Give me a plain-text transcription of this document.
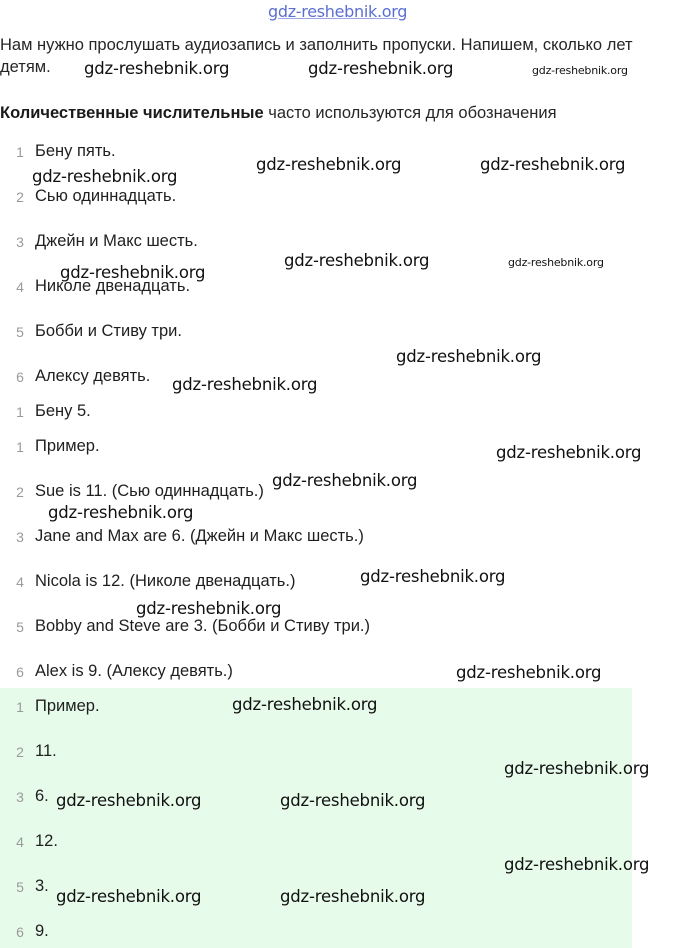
gdz-reshebnik.org
Нам нужно прослушать аудиозапись и заполнить пропуски. Напишем, сколько лет детям.
Количественные числительные часто используются для обозначения
1 Бену пять.
2 Сью одиннадцать.
3 Джейн и Макс шесть.
4 Николе двенадцать.
5 Бобби и Стиву три.
6 Алексу девять.
1 Бену 5.
1 Пример.
2 Sue is 11. (Сью одиннадцать.)
3 Jane and Max are 6. (Джейн и Макс шесть.)
4 Nicola is 12. (Николе двенадцать.)
5 Bobby and Steve are 3. (Бобби и Стиву три.)
6 Alex is 9. (Алексу девять.)
1 Пример.
2 11.
3 6.
4 12.
5 3.
6 9.
gdz-reshebnik.org	gdz-reshebnik.org	gdz-reshebnik.org
gdz-reshebnik.org	gdz-reshebnik.org
gdz-reshebnik.org
gdz-reshebnik.org
gdz-reshebnik.org	gdz-reshebnik.org
gdz-reshebnik.org
gdz-reshebnik.org
gdz-reshebnik.org
gdz-reshebnik.org
gdz-reshebnik.org
gdz-reshebnik.org
gdz-reshebnik.org
gdz-reshebnik.org
gdz-reshebnik.org
gdz-reshebnik.org
gdz-reshebnik.org	gdz-reshebnik.org
gdz-reshebnik.org
gdz-reshebnik.org	gdz-reshebnik.org
